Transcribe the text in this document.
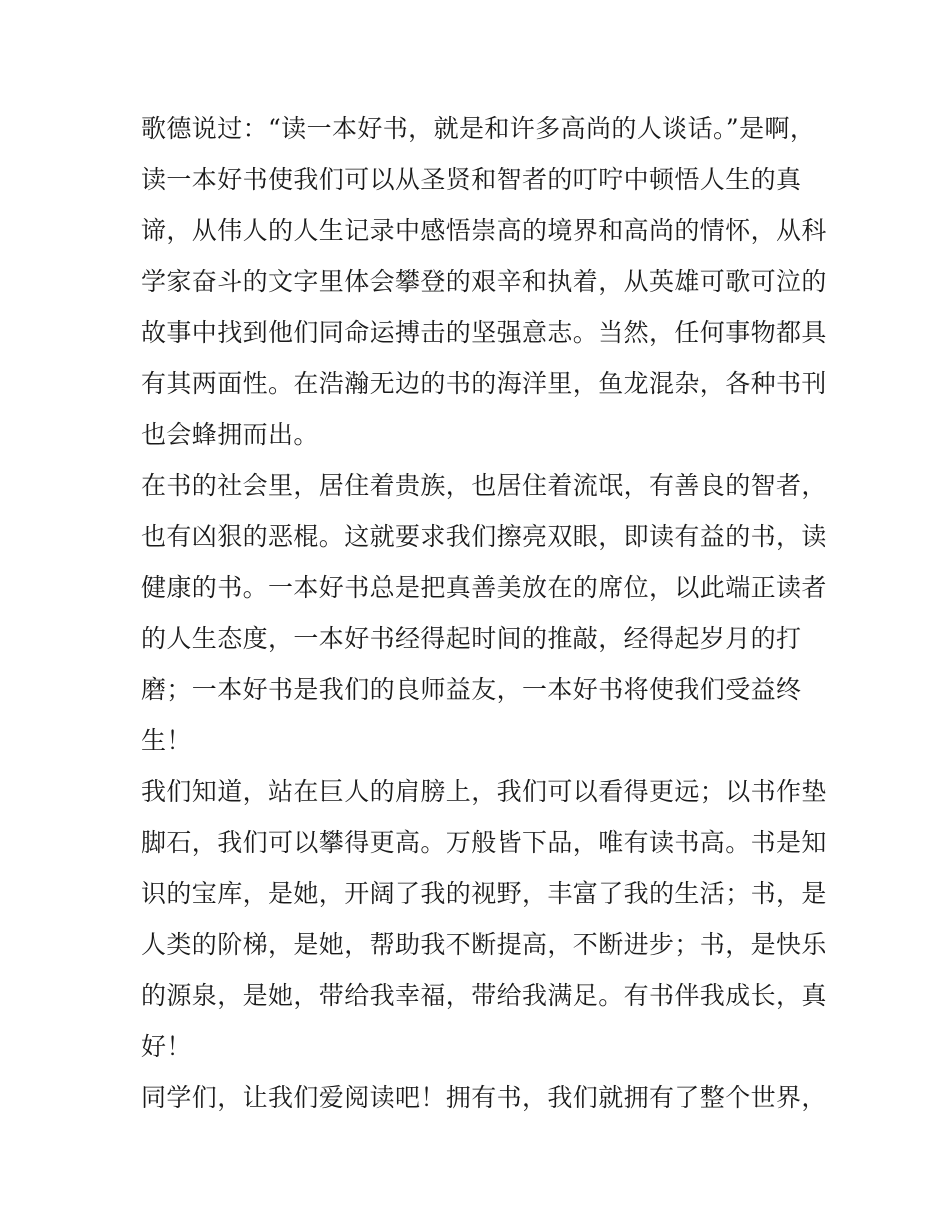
歌德说过：“读一本好书，就是和许多高尚的人谈话。”是啊，
读一本好书使我们可以从圣贤和智者的叮咛中顿悟人生的真
谛，从伟人的人生记录中感悟崇高的境界和高尚的情怀，从科
学家奋斗的文字里体会攀登的艰辛和执着，从英雄可歌可泣的
故事中找到他们同命运搏击的坚强意志。当然，任何事物都具
有其两面性。在浩瀚无边的书的海洋里，鱼龙混杂，各种书刊
也会蜂拥而出。
在书的社会里，居住着贵族，也居住着流氓，有善良的智者，
也有凶狠的恶棍。这就要求我们擦亮双眼，即读有益的书，读
健康的书。一本好书总是把真善美放在的席位，以此端正读者
的人生态度，一本好书经得起时间的推敲，经得起岁月的打
磨；一本好书是我们的良师益友，一本好书将使我们受益终
生！
我们知道，站在巨人的肩膀上，我们可以看得更远；以书作垫
脚石，我们可以攀得更高。万般皆下品，唯有读书高。书是知
识的宝库，是她，开阔了我的视野，丰富了我的生活；书，是
人类的阶梯，是她，帮助我不断提高，不断进步；书，是快乐
的源泉，是她，带给我幸福，带给我满足。有书伴我成长，真
好！
同学们，让我们爱阅读吧！拥有书，我们就拥有了整个世界，
